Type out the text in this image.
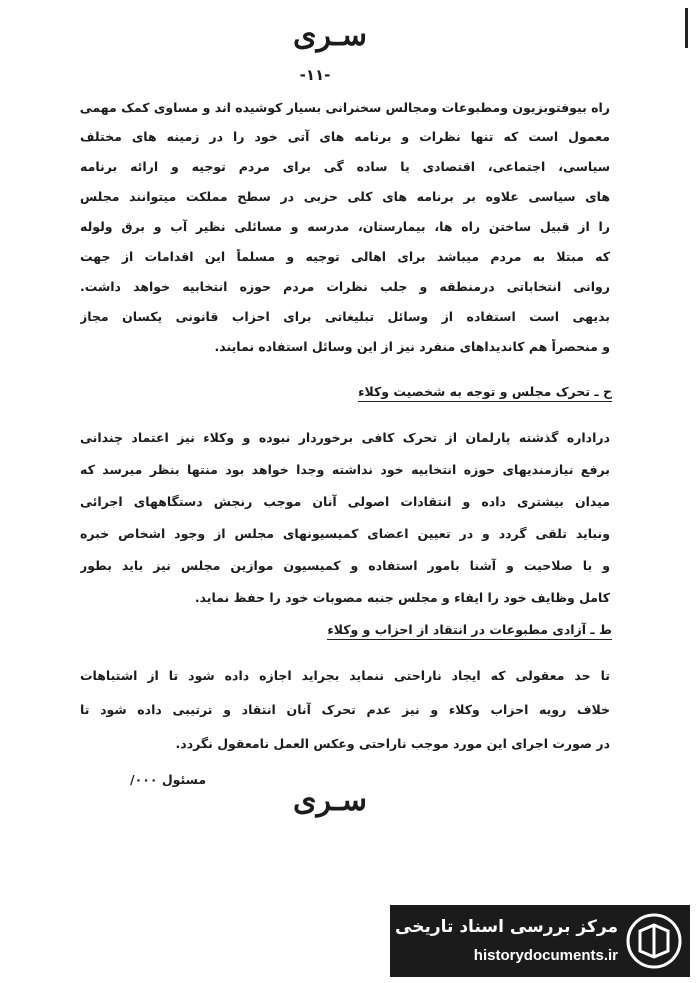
سـری
-۱۱-
راه بیوفتوبزیون ومطبوعات ومجالس سخنرانی بسیار کوشیده اند و مساوی کمک مهمی
معمول است که تنها نظرات و برنامه های آتی خود را در زمینه های مختلف
سیاسی، اجتماعی، اقتصادی یا ساده گی برای مردم توجیه و ارائه برنامه
های سیاسی علاوه بر برنامه های کلی حزبی در سطح مملکت میتوانند مجلس
را از قبیل ساختن راه ها، بیمارستان، مدرسه و مسائلی نظیر آب و برق ولوله
که مبتلا به مردم میباشد برای اهالی توجیه و مسلماً این اقدامات از جهت
روانی انتخاباتی درمنطقه و جلب نظرات مردم حوزه انتخابیه خواهد داشت.
بدیهی است استفاده از وسائل تبلیغاتی برای احزاب قانونی یکسان مجاز
و منحصراً هم کاندیداهای منفرد نیز از این وسائل استفاده نمایند.
ح ـ تحرک مجلس و توجه به شخصیت وکلاء
دراداره گذشته پارلمان از تحرک کافی برخوردار نبوده و وکلاء نیز اعتماد چندانی
برفع نیازمندیهای حوزه انتخابیه خود نداشته وجدا خواهد بود منتها بنظر میرسد که
میدان بیشتری داده و انتقادات اصولی آنان موجب رنجش دستگاههای اجرائی
ونباید تلقی گردد و در تعیین اعضای کمیسیونهای مجلس از وجود اشخاص خبره
و با صلاحیت و آشنا بامور استفاده و کمیسیون موازین مجلس نیز باید بطور
کامل وظایف خود را ایفاء و مجلس جنبه مصوبات خود را حفظ نماید.
ط ـ آزادی مطبوعات در انتقاد از احزاب و وکلاء
تا حد معقولی که ایجاد ناراحتی ننماید بجراید اجازه داده شود تا از اشتباهات
خلاف رویه احزاب وکلاء و نیز عدم تحرک آنان انتقاد و ترتیبی داده شود تا
در صورت اجرای این مورد موجب ناراحتی وعکس العمل نامعقول نگردد.
مسئول ۰۰۰/
سـری
مرکز بررسی اسناد تاریخی
historydocuments.ir
